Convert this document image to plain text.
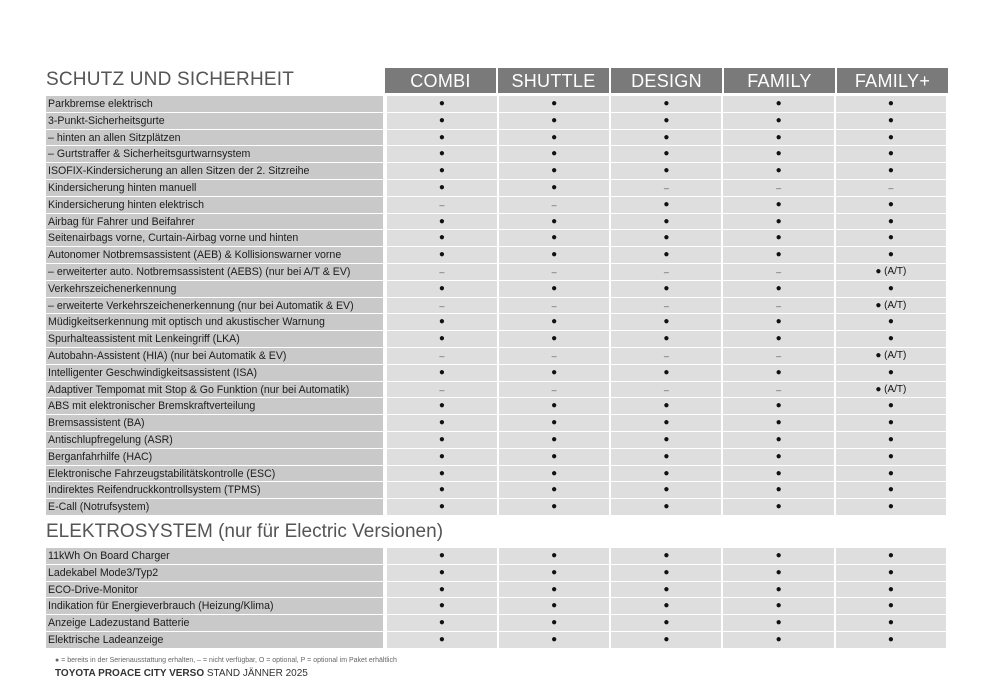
SCHUTZ UND SICHERHEIT	COMBI	SHUTTLE	DESIGN	FAMILY	FAMILY+
Parkbremse elektrisch	●	●	●	●	●
3-Punkt-Sicherheitsgurte	●	●	●	●	●
– hinten an allen Sitzplätzen	●	●	●	●	●
– Gurtstraffer & Sicherheitsgurtwarnsystem	●	●	●	●	●
ISOFIX-Kindersicherung an allen Sitzen der 2. Sitzreihe	●	●	●	●	●
Kindersicherung hinten manuell	●	●	–	–	–
Kindersicherung hinten elektrisch	–	–	●	●	●
Airbag für Fahrer und Beifahrer	●	●	●	●	●
Seitenairbags vorne, Curtain-Airbag vorne und hinten	●	●	●	●	●
Autonomer Notbremsassistent (AEB) & Kollisionswarner vorne	●	●	●	●	●
– erweiterter auto. Notbremsassistent (AEBS) (nur bei A/T & EV)	–	–	–	–	● (A/T)
Verkehrszeichenerkennung	●	●	●	●	●
– erweiterte Verkehrszeichenerkennung (nur bei Automatik & EV)	–	–	–	–	● (A/T)
Müdigkeitserkennung mit optisch und akustischer Warnung	●	●	●	●	●
Spurhalteassistent mit Lenkeingriff (LKA)	●	●	●	●	●
Autobahn-Assistent (HIA) (nur bei Automatik & EV)	–	–	–	–	● (A/T)
Intelligenter Geschwindigkeitsassistent (ISA)	●	●	●	●	●
Adaptiver Tempomat mit Stop & Go Funktion (nur bei Automatik)	–	–	–	–	● (A/T)
ABS mit elektronischer Bremskraftverteilung	●	●	●	●	●
Bremsassistent (BA)	●	●	●	●	●
Antischlupfregelung (ASR)	●	●	●	●	●
Berganfahrhilfe (HAC)	●	●	●	●	●
Elektronische Fahrzeugstabilitätskontrolle (ESC)	●	●	●	●	●
Indirektes Reifendruckkontrollsystem (TPMS)	●	●	●	●	●
E-Call (Notrufsystem)	●	●	●	●	●
ELEKTROSYSTEM (nur für Electric Versionen)
11kWh On Board Charger	●	●	●	●	●
Ladekabel Mode3/Typ2	●	●	●	●	●
ECO-Drive-Monitor	●	●	●	●	●
Indikation für Energieverbrauch (Heizung/Klima)	●	●	●	●	●
Anzeige Ladezustand Batterie	●	●	●	●	●
Elektrische Ladeanzeige	●	●	●	●	●
● = bereits in der Serienausstattung erhalten, – = nicht verfügbar, O = optional, P = optional im Paket erhältlich
TOYOTA PROACE CITY VERSO STAND JÄNNER 2025
